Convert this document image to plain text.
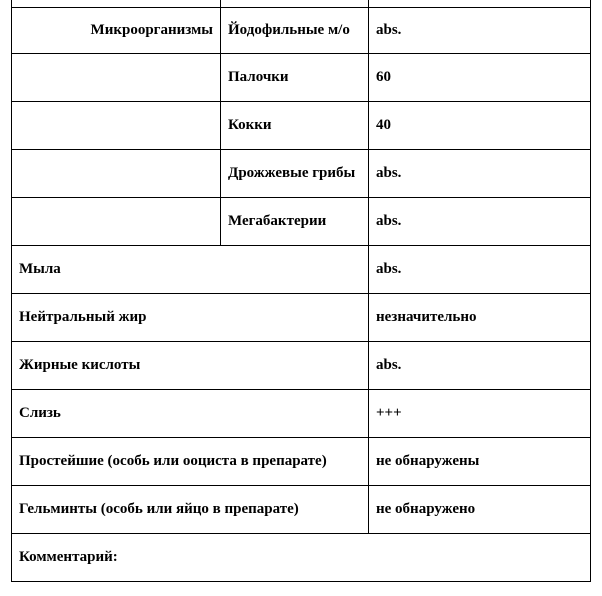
Микроорганизмы	Йодофильные м/о	abs.
	Палочки	60
	Кокки	40
	Дрожжевые грибы	abs.
	Мегабактерии	abs.
Мыла		abs.
Нейтральный жир		незначительно
Жирные кислоты		abs.
Слизь		+++
Простейшие (особь или ооциста в препарате)		не обнаружены
Гельминты (особь или яйцо в препарате)		не обнаружено
Комментарий:		
